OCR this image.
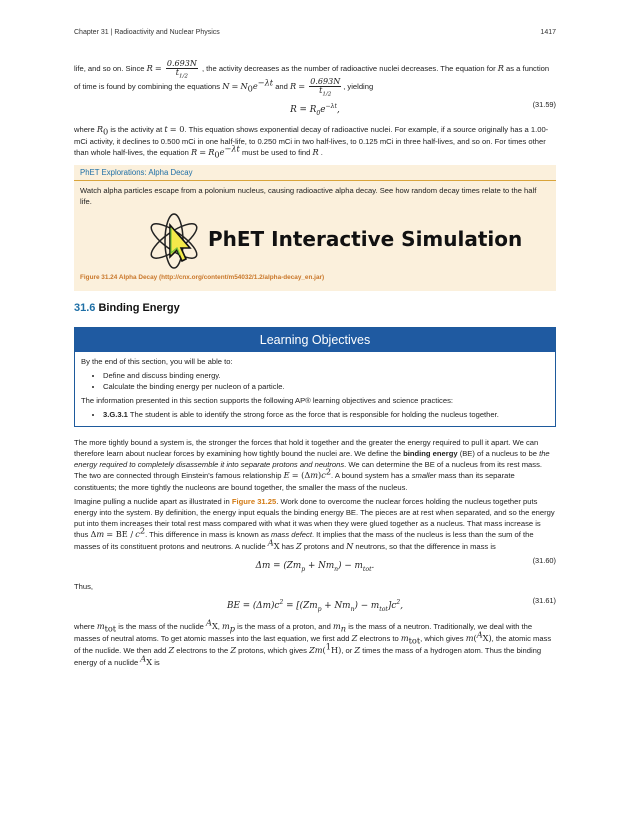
Chapter 31 | Radioactivity and Nuclear Physics	1417

life, and so on. Since $R = \frac{0.693N}{t_{1/2}}$ , the activity decreases as the number of radioactive nuclei decreases. The equation for R as a function of time is found by combining the equations $N = N_0e^{-\lambda t}$ and $R = \frac{0.693N}{t_{1/2}}$ , yielding

$R = R_0e^{-\lambda t}$,
(31.59)

where $R_0$ is the activity at t = 0. This equation shows exponential decay of radioactive nuclei. For example, if a source originally has a 1.00-mCi activity, it declines to 0.500 mCi in one half-life, to 0.250 mCi in two half-lives, to 0.125 mCi in three half-lives, and so on. For times other than whole half-lives, the equation $R = R_0e^{-\lambda t}$ must be used to find R .

PhET Explorations: Alpha Decay
Watch alpha particles escape from a polonium nucleus, causing radioactive alpha decay. See how random decay times relate to the half life.
PhET Interactive Simulation
Figure 31.24 Alpha Decay (http://cnx.org/content/m54032/1.2/alpha-decay_en.jar)
31.6 Binding Energy
Learning Objectives

By the end of this section, you will be able to:

• Define and discuss binding energy.
• Calculate the binding energy per nucleon of a particle.

The information presented in this section supports the following AP® learning objectives and science practices:

• 3.G.3.1 The student is able to identify the strong force as the force that is responsible for holding the nucleus together.

The more tightly bound a system is, the stronger the forces that hold it together and the greater the energy required to pull it apart. We can therefore learn about nuclear forces by examining how tightly bound the nuclei are. We define the binding energy (BE) of a nucleus to be the energy required to completely disassemble it into separate protons and neutrons. We can determine the BE of a nucleus from its rest mass. The two are connected through Einstein's famous relationship $E = (\Delta m)c^2$. A bound system has a smaller mass than its separate constituents; the more tightly the nucleons are bound together, the smaller the mass of the nucleus.

Imagine pulling a nuclide apart as illustrated in Figure 31.25. Work done to overcome the nuclear forces holding the nucleus together puts energy into the system. By definition, the energy input equals the binding energy BE. The pieces are at rest when separated, and so the energy put into them increases their total rest mass compared with what it was when they were glued together as a nucleus. That mass increase is thus Δm = BE / $c^2$. This difference in mass is known as mass defect. It implies that the mass of the nucleus is less than the sum of the masses of its constituent protons and neutrons. A nuclide $^A$X has Z protons and N neutrons, so that the difference in mass is

$\Delta m = (Zm_p + Nm_n) - m_{tot}$.
(31.60)

Thus,

BE = $(\Delta m)c^2 = [(Zm_p + Nm_n) - m_{tot}]c^2$,
(31.61)

where $m_{tot}$ is the mass of the nuclide $^A$X, $m_p$ is the mass of a proton, and $m_n$ is the mass of a neutron. Traditionally, we deal with the masses of neutral atoms. To get atomic masses into the last equation, we first add Z electrons to $m_{tot}$, which gives m($^A$X), the atomic mass of the nuclide. We then add Z electrons to the Z protons, which gives Zm($^1$H), or Z times the mass of a hydrogen atom. Thus the binding energy of a nuclide $^A$X is
